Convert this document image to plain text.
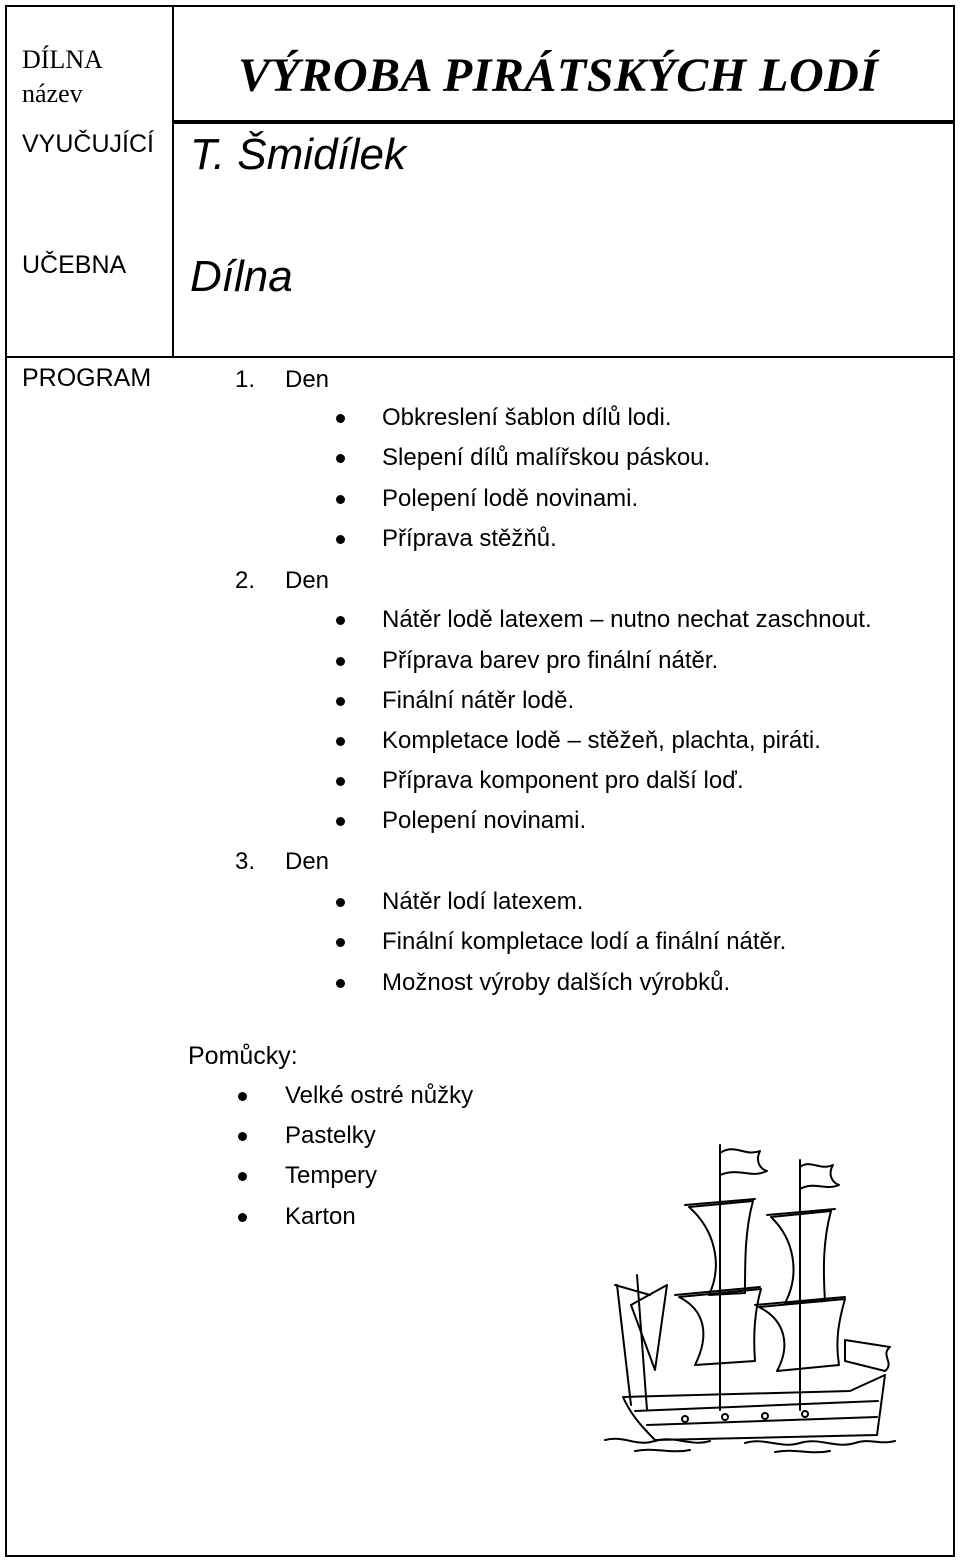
DÍLNA
název	VÝROBA PIRÁTSKÝCH LODÍ
VYUČUJÍCÍ T. Šmidílek
UČEBNA Dílna
PROGRAM	1. Den
2. Den
3. Den
Obkreslení šablon dílů lodi.
Slepení dílů malířskou páskou.
Polepení lodě novinami.
Příprava stěžňů.
Nátěr lodě latexem – nutno nechat zaschnout.
Příprava barev pro finální nátěr.
Finální nátěr lodě.
Kompletace lodě – stěžeň, plachta, piráti.
Příprava komponent pro další loď.
Polepení novinami.
Nátěr lodí latexem.
Finální kompletace lodí a finální nátěr.
Možnost výroby dalších výrobků.
Pomůcky:
Velké ostré nůžky
Pastelky
Tempery
Karton
